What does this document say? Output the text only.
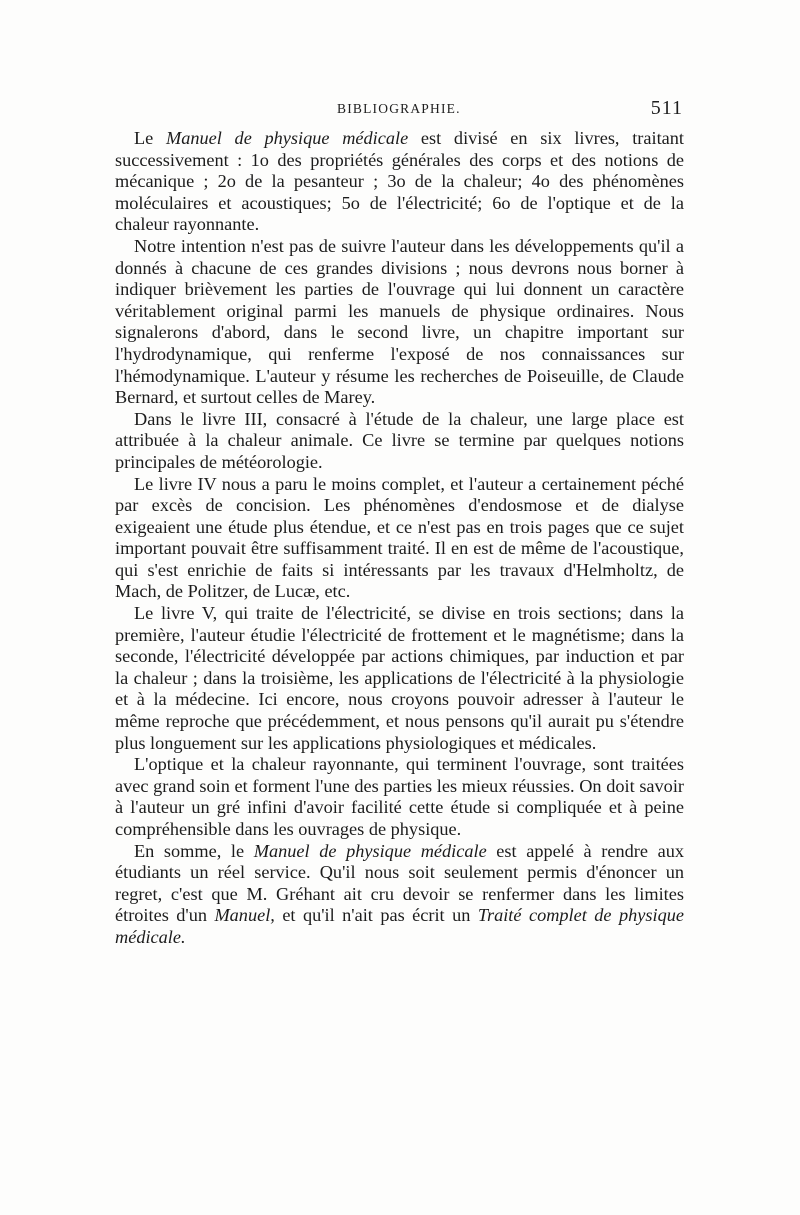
BIBLIOGRAPHIE.	511

Le Manuel de physique médicale est divisé en six livres, traitant successivement : 1o des propriétés générales des corps et des notions de mécanique ; 2o de la pesanteur ; 3o de la chaleur; 4o des phénomènes moléculaires et acoustiques; 5o de l'électricité; 6o de l'optique et de la chaleur rayonnante.

Notre intention n'est pas de suivre l'auteur dans les développements qu'il a donnés à chacune de ces grandes divisions ; nous devrons nous borner à indiquer brièvement les parties de l'ouvrage qui lui donnent un caractère véritablement original parmi les manuels de physique ordinaires. Nous signalerons d'abord, dans le second livre, un chapitre important sur l'hydrodynamique, qui renferme l'exposé de nos connaissances sur l'hémodynamique. L'auteur y résume les recherches de Poiseuille, de Claude Bernard, et surtout celles de Marey.

Dans le livre III, consacré à l'étude de la chaleur, une large place est attribuée à la chaleur animale. Ce livre se termine par quelques notions principales de météorologie.

Le livre IV nous a paru le moins complet, et l'auteur a certainement péché par excès de concision. Les phénomènes d'endosmose et de dialyse exigeaient une étude plus étendue, et ce n'est pas en trois pages que ce sujet important pouvait être suffisamment traité. Il en est de même de l'acoustique, qui s'est enrichie de faits si intéressants par les travaux d'Helmholtz, de Mach, de Politzer, de Lucæ, etc.

Le livre V, qui traite de l'électricité, se divise en trois sections; dans la première, l'auteur étudie l'électricité de frottement et le magnétisme; dans la seconde, l'électricité développée par actions chimiques, par induction et par la chaleur ; dans la troisième, les applications de l'électricité à la physiologie et à la médecine. Ici encore, nous croyons pouvoir adresser à l'auteur le même reproche que précédemment, et nous pensons qu'il aurait pu s'étendre plus longuement sur les applications physiologiques et médicales.

L'optique et la chaleur rayonnante, qui terminent l'ouvrage, sont traitées avec grand soin et forment l'une des parties les mieux réussies. On doit savoir à l'auteur un gré infini d'avoir facilité cette étude si compliquée et à peine compréhensible dans les ouvrages de physique.

En somme, le Manuel de physique médicale est appelé à rendre aux étudiants un réel service. Qu'il nous soit seulement permis d'énoncer un regret, c'est que M. Gréhant ait cru devoir se renfermer dans les limites étroites d'un Manuel, et qu'il n'ait pas écrit un Traité complet de physique médicale.
